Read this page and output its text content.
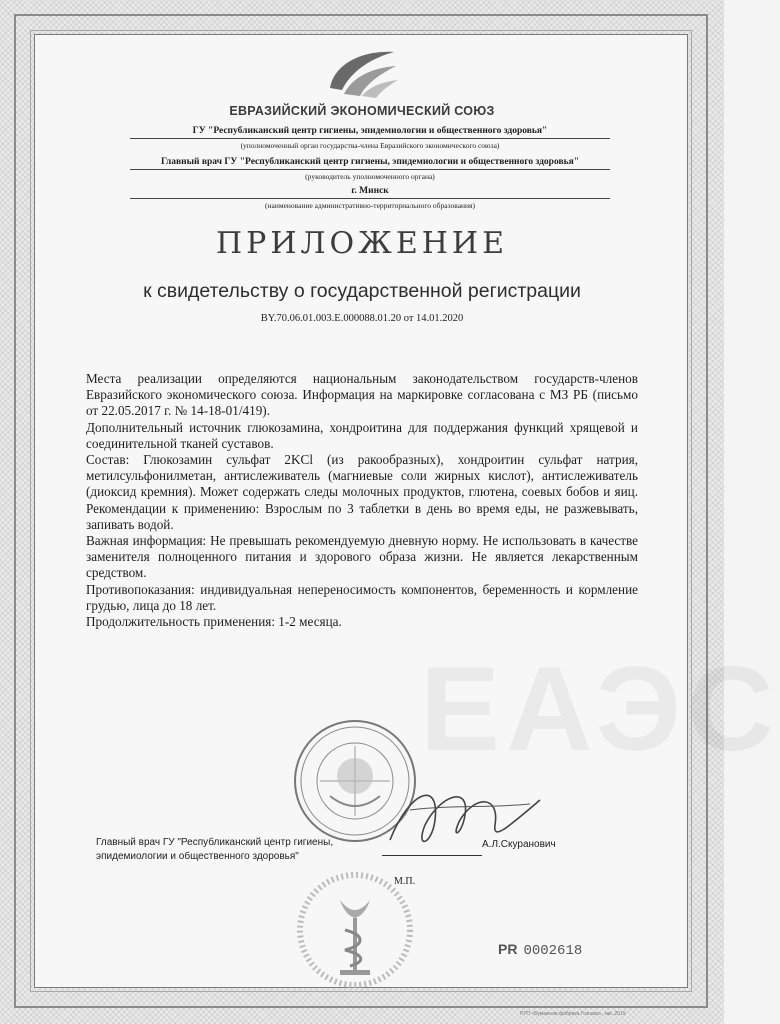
ЕВРАЗИЙСКИЙ ЭКОНОМИЧЕСКИЙ СОЮЗ
ГУ "Республиканский центр гигиены, эпидемиологии и общественного здоровья"
(уполномоченный орган государства-члена Евразийского экономического союза)
Главный врач ГУ "Республиканский центр гигиены, эпидемиологии и общественного здоровья"
(руководитель уполномоченного органа)
г. Минск
(наименование административно-территориального образования)
ПРИЛОЖЕНИЕ
к свидетельству о государственной регистрации
BY.70.06.01.003.E.000088.01.20 от 14.01.2020
ЕАЭС

Места реализации определяются национальным законодательством государств-членов Евразийского экономического союза. Информация на маркировке согласована с МЗ РБ (письмо от 22.05.2017 г. № 14-18-01/419).

Дополнительный источник глюкозамина, хондроитина для поддержания функций хрящевой и соединительной тканей суставов.

Состав: Глюкозамин сульфат 2KCl (из ракообразных), хондроитин сульфат натрия, метилсульфонилметан, антислеживатель (магниевые соли жирных кислот), антислеживатель (диоксид кремния). Может содержать следы молочных продуктов, глютена, соевых бобов и яиц. Рекомендации к применению: Взрослым по 3 таблетки в день во время еды, не разжевывать, запивать водой.

Важная информация: Не превышать рекомендуемую дневную норму. Не использовать в качестве заменителя полноценного питания и здорового образа жизни. Не является лекарственным средством.

Противопоказания: индивидуальная непереносимость компонентов, беременность и кормление грудью, лица до 18 лет.

Продолжительность применения: 1-2 месяца.

Главный врач ГУ "Республиканский центр гигиены, эпидемиологии и общественного здоровья"
А.Л.Скуранович
М.П.
PR 0002618
РУП «Бумажная фабрика Гознака», зак. 2019
